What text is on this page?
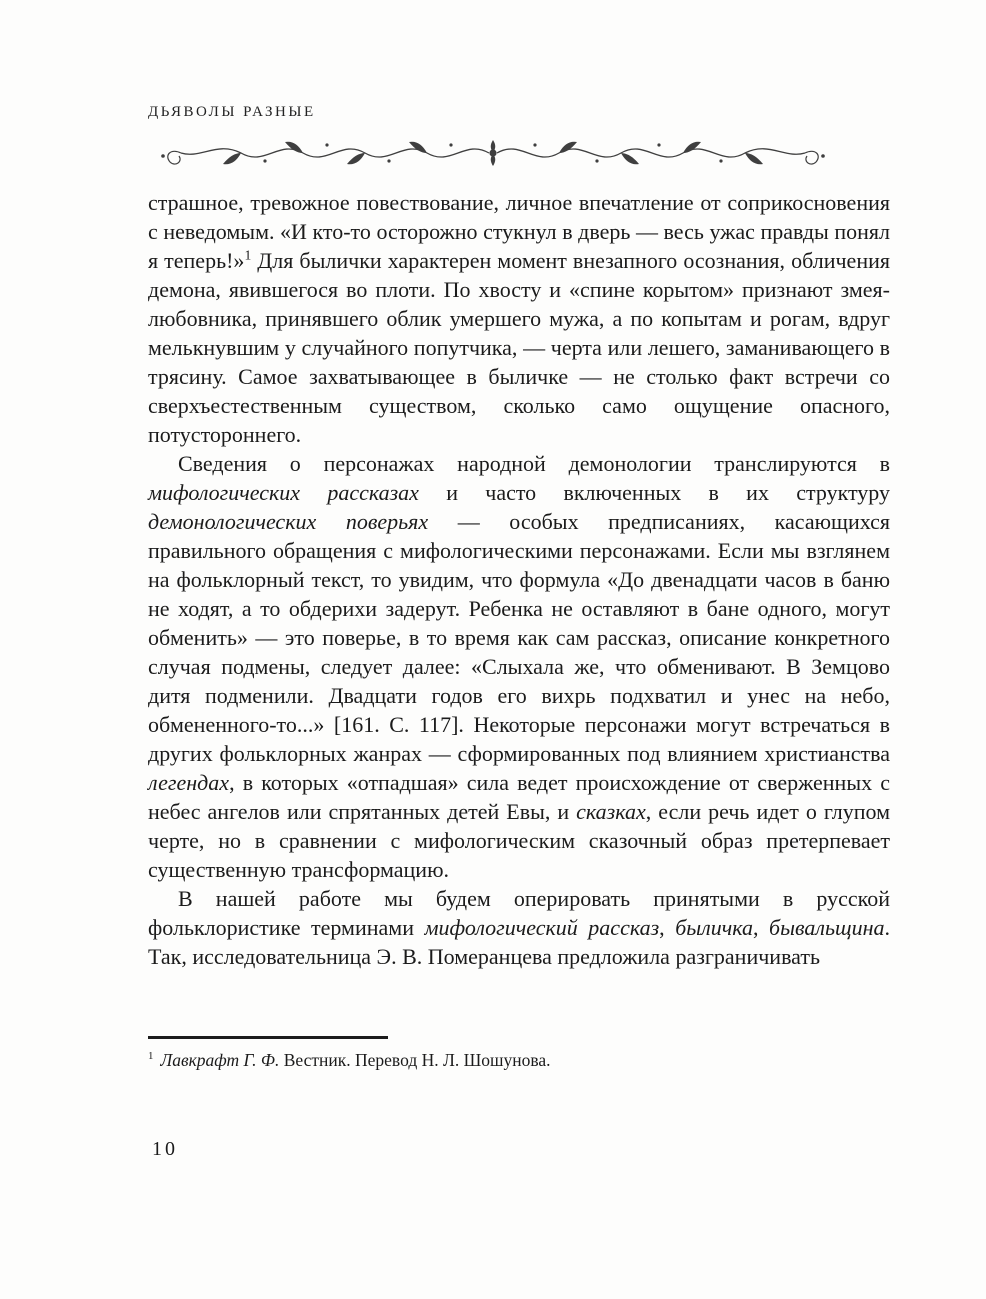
ДЬЯВОЛЫ РАЗНЫЕ

страшное, тревожное повествование, личное впечатление от соприкосновения с неведомым. «И кто-то осторожно стукнул в дверь — весь ужас правды понял я теперь!»$^1$ Для былички характерен момент внезапного осознания, обличения демона, явившегося во плоти. По хвосту и «спине корытом» признают змея-любовника, принявшего облик умершего мужа, а по копытам и рогам, вдруг мелькнувшим у случайного попутчика, — черта или лешего, заманивающего в трясину. Самое захватывающее в быличке — не столько факт встречи со сверхъестественным существом, сколько само ощущение опасного, потустороннего.

Сведения о персонажах народной демонологии транслируются в мифологических рассказах и часто включенных в их структуру демонологических поверьях — особых предписаниях, касающихся правильного обращения с мифологическими персонажами. Если мы взглянем на фольклорный текст, то увидим, что формула «До двенадцати часов в баню не ходят, а то обдерихи задерут. Ребенка не оставляют в бане одного, могут обменить» — это поверье, в то время как сам рассказ, описание конкретного случая подмены, следует далее: «Слыхала же, что обменивают. В Земцово дитя подменили. Двадцати годов его вихрь подхватил и унес на небо, обмененного-то...» [161. С. 117]. Некоторые персонажи могут встречаться в других фольклорных жанрах — сформированных под влиянием христианства легендах, в которых «отпадшая» сила ведет происхождение от сверженных с небес ангелов или спрятанных детей Евы, и сказках, если речь идет о глупом черте, но в сравнении с мифологическим сказочный образ претерпевает существенную трансформацию.

В нашей работе мы будем оперировать принятыми в русской фольклористике терминами мифологический рассказ, быличка, бывальщина. Так, исследовательница Э. В. Померанцева предложила разграничивать

$^1$ Лавкрафт Г. Ф. Вестник. Перевод Н. Л. Шошунова.
10
